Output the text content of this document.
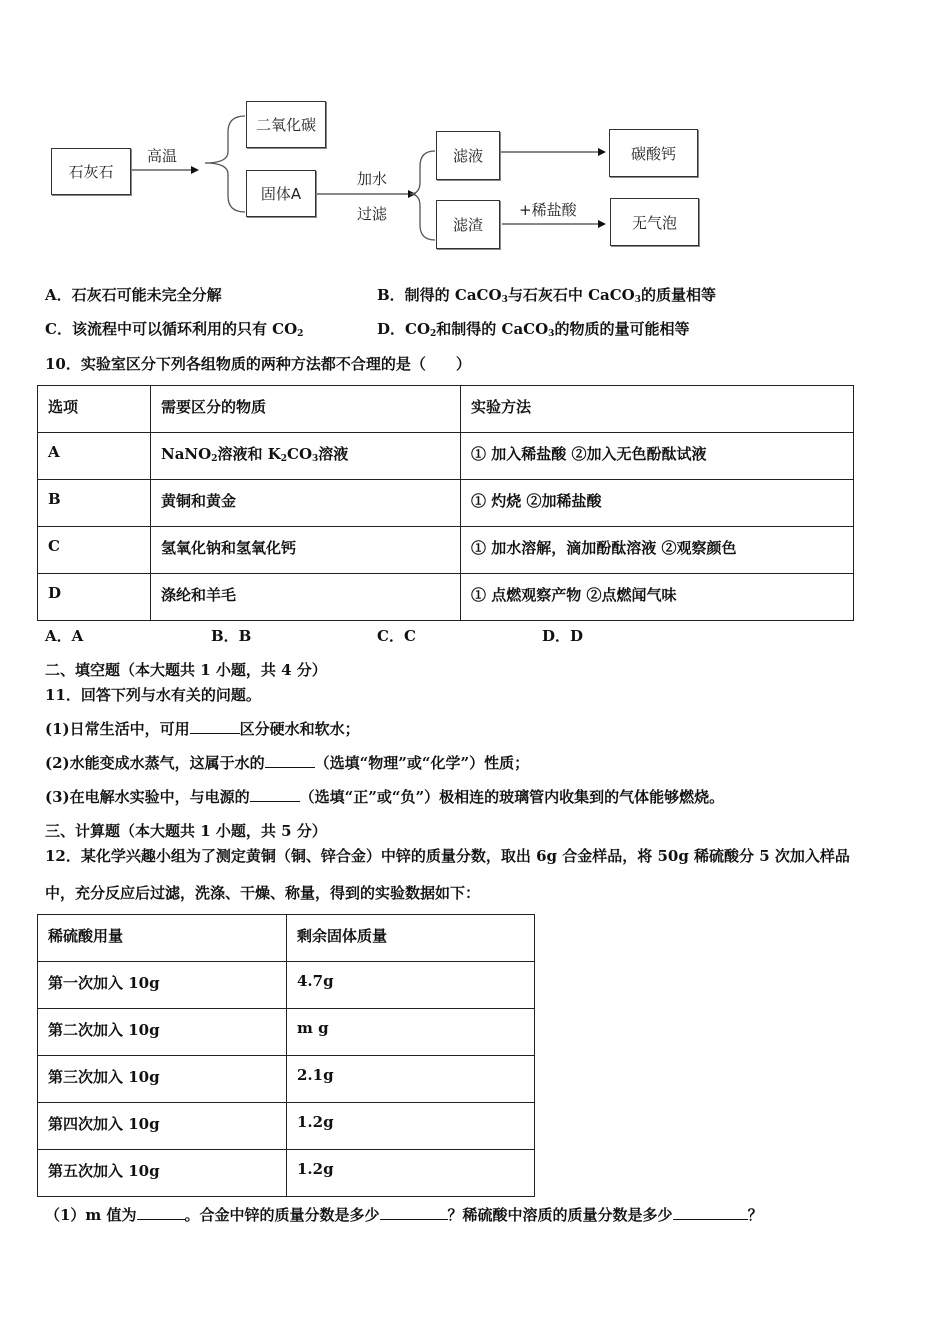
石灰石
高温
二氧化碳
固体A
加水
过滤
滤液
滤渣
碳酸钙
+稀盐酸
无气泡
A．石灰石可能未完全分解	B．制得的 CaCO$_3$与石灰石中 CaCO$_3$的质量相等
C．该流程中可以循环利用的只有 $CO_2$	D．$CO_2$和制得的 CaCO$_3$的物质的量可能相等
10．实验室区分下列各组物质的两种方法都不合理的是（　　）
选项	需要区分的物质	实验方法
A	NaNO$_2$溶液和 $K_2CO_3$溶液	① 加入稀盐酸 ②加入无色酚酞试液
B	黄铜和黄金	① 灼烧 ②加稀盐酸
C	氢氧化钠和氢氧化钙	① 加水溶解，滴加酚酞溶液 ②观察颜色
D	涤纶和羊毛	① 点燃观察产物 ②点燃闻气味
A．A	B．B	C．C	D．D
二、填空题（本大题共 1 小题，共 4 分）
11．回答下列与水有关的问题。
(1)日常生活中，可用	区分硬水和软水；
(2)水能变成水蒸气，这属于水的	（选填“物理”或“化学”）性质；
(3)在电解水实验中，与电源的	（选填“正”或“负”）极相连的玻璃管内收集到的气体能够燃烧。
三、计算题（本大题共 1 小题，共 5 分）
12．某化学兴趣小组为了测定黄铜（铜、锌合金）中锌的质量分数，取出 6g 合金样品，将 50g 稀硫酸分 5 次加入样品
中，充分反应后过滤，洗涤、干燥、称量，得到的实验数据如下：
稀硫酸用量	剩余固体质量
第一次加入 10g	4.7g
第二次加入 10g	m g
第三次加入 10g	2.1g
第四次加入 10g	1.2g
第五次加入 10g	1.2g
（1）m 值为	。合金中锌的质量分数是多少	？稀硫酸中溶质的质量分数是多少	？
